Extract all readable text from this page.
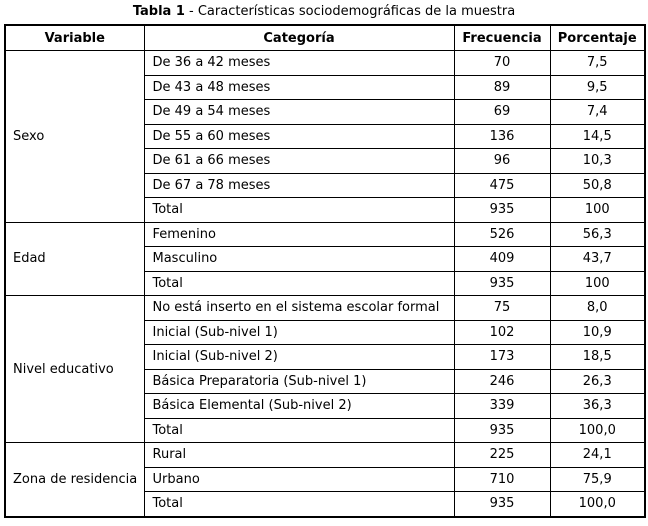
Tabla 1 - Características sociodemográficas de la muestra
Variable	Categoría	Frecuencia	Porcentaje
Sexo	De 36 a 42 meses	70	7,5
	De 43 a 48 meses	89	9,5
	De 49 a 54 meses	69	7,4
	De 55 a 60 meses	136	14,5
	De 61 a 66 meses	96	10,3
	De 67 a 78 meses	475	50,8
	Total	935	100
Edad	Femenino	526	56,3
	Masculino	409	43,7
	Total	935	100
Nivel educativo	No está inserto en el sistema escolar formal	75	8,0
	Inicial (Sub-nivel 1)	102	10,9
	Inicial (Sub-nivel 2)	173	18,5
	Básica Preparatoria (Sub-nivel 1)	246	26,3
	Básica Elemental (Sub-nivel 2)	339	36,3
	Total	935	100,0
Zona de residencia	Rural	225	24,1
	Urbano	710	75,9
	Total	935	100,0
